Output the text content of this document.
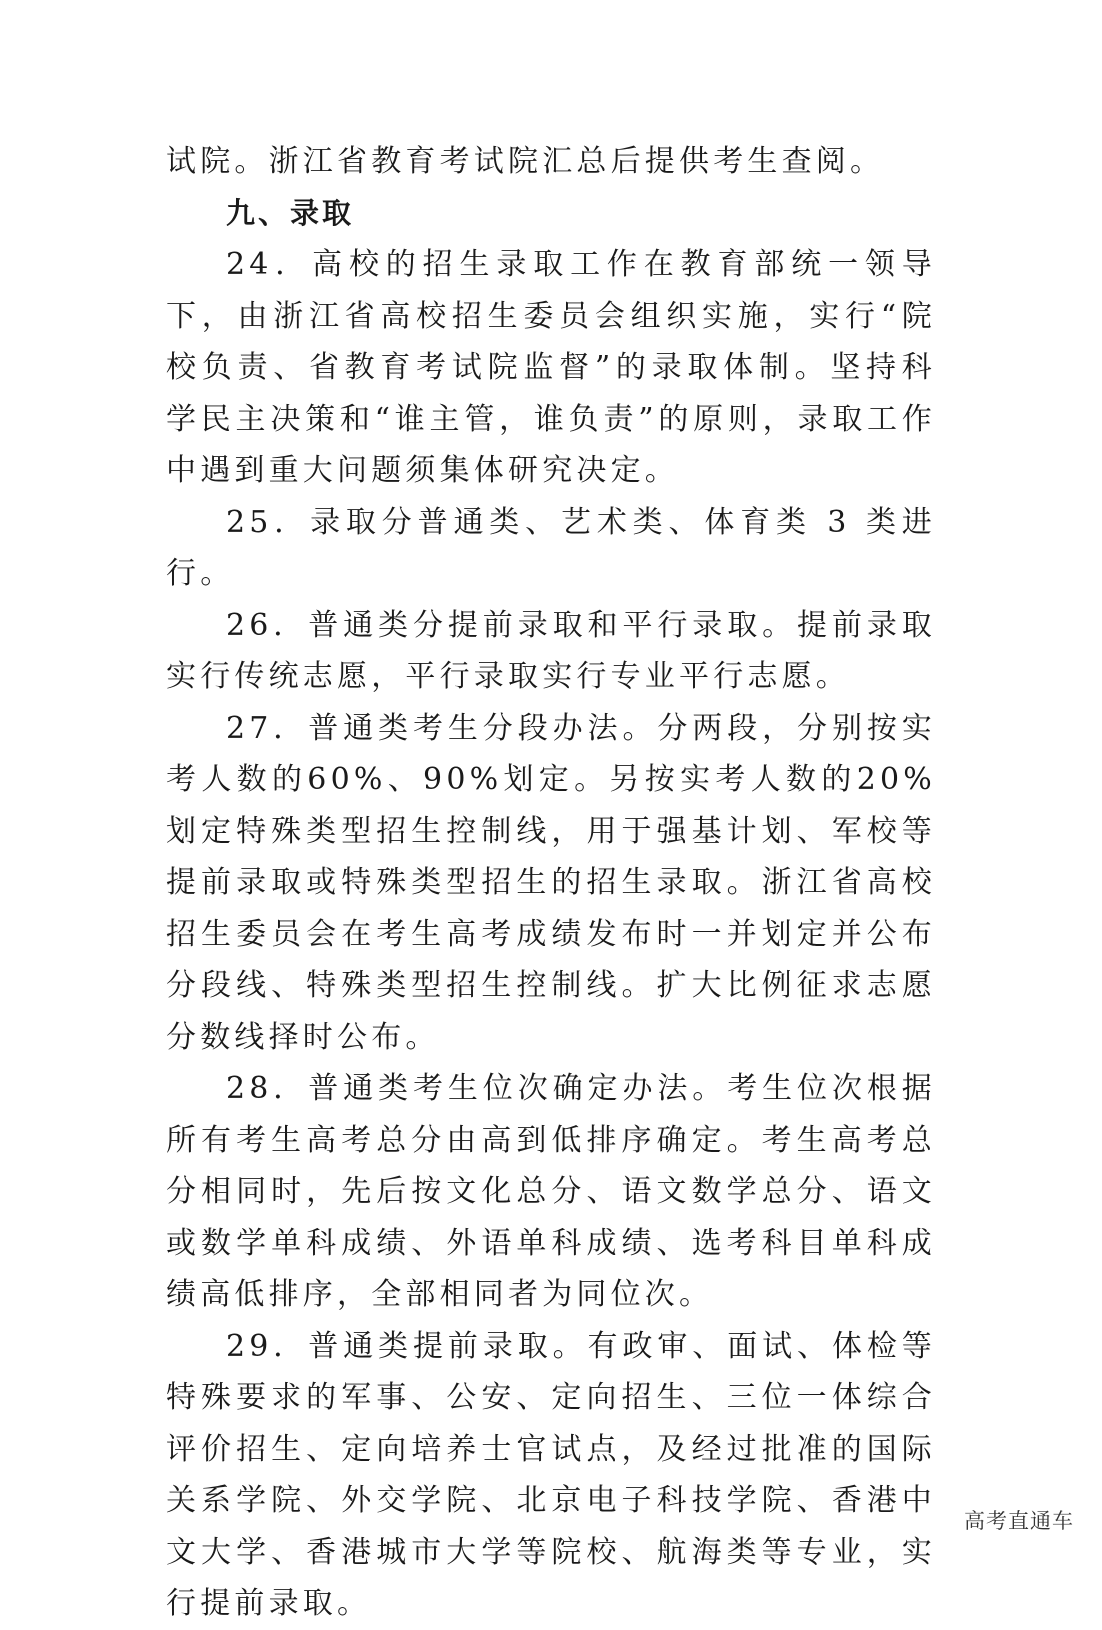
试院。浙江省教育考试院汇总后提供考生查阅。

九、录取

24．高校的招生录取工作在教育部统一领导下，由浙江省高校招生委员会组织实施，实行“院校负责、省教育考试院监督”的录取体制。坚持科学民主决策和“谁主管，谁负责”的原则，录取工作中遇到重大问题须集体研究决定。

25．录取分普通类、艺术类、体育类 3 类进行。

26．普通类分提前录取和平行录取。提前录取实行传统志愿，平行录取实行专业平行志愿。

27．普通类考生分段办法。分两段，分别按实考人数的60%、90%划定。另按实考人数的20%划定特殊类型招生控制线，用于强基计划、军校等提前录取或特殊类型招生的招生录取。浙江省高校招生委员会在考生高考成绩发布时一并划定并公布分段线、特殊类型招生控制线。扩大比例征求志愿分数线择时公布。

28．普通类考生位次确定办法。考生位次根据所有考生高考总分由高到低排序确定。考生高考总分相同时，先后按文化总分、语文数学总分、语文或数学单科成绩、外语单科成绩、选考科目单科成绩高低排序，全部相同者为同位次。

29．普通类提前录取。有政审、面试、体检等特殊要求的军事、公安、定向招生、三位一体综合评价招生、定向培养士官试点，及经过批准的国际关系学院、外交学院、北京电子科技学院、香港中文大学、香港城市大学等院校、航海类等专业，实行提前录取。

高考直通车
